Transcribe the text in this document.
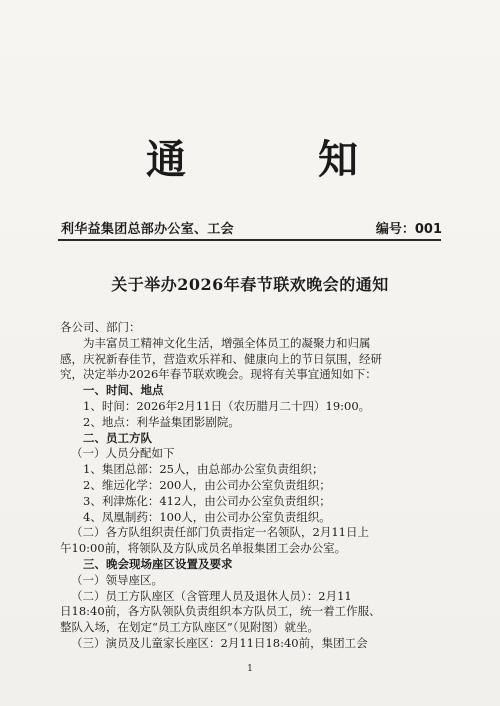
通	知
利华益集团总部办公室、工会	编号：001
关于举办2026年春节联欢晚会的通知
各公司、部门：
为丰富员工精神文化生活，增强全体员工的凝聚力和归属
感，庆祝新春佳节，营造欢乐祥和、健康向上的节日氛围，经研
究，决定举办2026年春节联欢晚会。现将有关事宜通知如下：
一、时间、地点
1、时间：2026年2月11日（农历腊月二十四）19:00。
2、地点：利华益集团影剧院。
二、员工方队
（一）人员分配如下
1、集团总部：25人，由总部办公室负责组织；
2、维远化学：200人，由公司办公室负责组织；
3、利津炼化：412人，由公司办公室负责组织；
4、凤凰制药：100人，由公司办公室负责组织。
（二）各方队组织责任部门负责指定一名领队，2月11日上
午10:00前，将领队及方队成员名单报集团工会办公室。
三、晚会现场座区设置及要求
（一）领导座区。
（二）员工方队座区（含管理人员及退休人员）：2月11
日18:40前，各方队领队负责组织本方队员工，统一着工作服、
整队入场，在划定“员工方队座区”（见附图）就坐。
（三）演员及儿童家长座区：2月11日18:40前，集团工会
1
